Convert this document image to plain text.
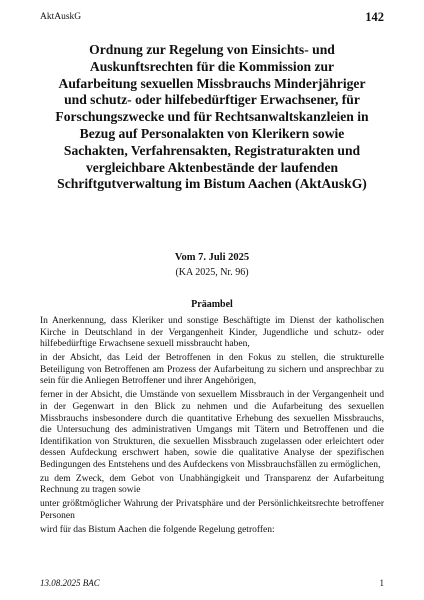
AktAuskG	142
Ordnung zur Regelung von Einsichts- und Auskunftsrechten für die Kommission zur Aufarbeitung sexuellen Missbrauchs Minderjähriger und schutz- oder hilfebedürftiger Erwachsener, für Forschungszwecke und für Rechtsanwaltskanzleien in Bezug auf Personalakten von Klerikern sowie Sachakten, Verfahrensakten, Registraturakten und vergleichbare Aktenbestände der laufenden Schriftgutverwaltung im Bistum Aachen (AktAuskG)
Vom 7. Juli 2025
(KA 2025, Nr. 96)
Präambel

In Anerkennung, dass Kleriker und sonstige Beschäftigte im Dienst der katholischen Kirche in Deutschland in der Vergangenheit Kinder, Jugendliche und schutz- oder hilfebedürftige Erwachsene sexuell missbraucht haben,

in der Absicht, das Leid der Betroffenen in den Fokus zu stellen, die strukturelle Beteiligung von Betroffenen am Prozess der Aufarbeitung zu sichern und ansprechbar zu sein für die Anliegen Betroffener und ihrer Angehörigen,

ferner in der Absicht, die Umstände von sexuellem Missbrauch in der Vergangenheit und in der Gegenwart in den Blick zu nehmen und die Aufarbeitung des sexuellen Missbrauchs insbesondere durch die quantitative Erhebung des sexuellen Missbrauchs, die Untersuchung des administrativen Umgangs mit Tätern und Betroffenen und die Identifikation von Strukturen, die sexuellen Missbrauch zugelassen oder erleichtert oder dessen Aufdeckung erschwert haben, sowie die qualitative Analyse der spezifischen Bedingungen des Entstehens und des Aufdeckens von Missbrauchsfällen zu ermöglichen,

zu dem Zweck, dem Gebot von Unabhängigkeit und Transparenz der Aufarbeitung Rechnung zu tragen sowie

unter größtmöglicher Wahrung der Privatsphäre und der Persönlichkeitsrechte betroffener Personen

wird für das Bistum Aachen die folgende Regelung getroffen:

13.08.2025 BAC	1
